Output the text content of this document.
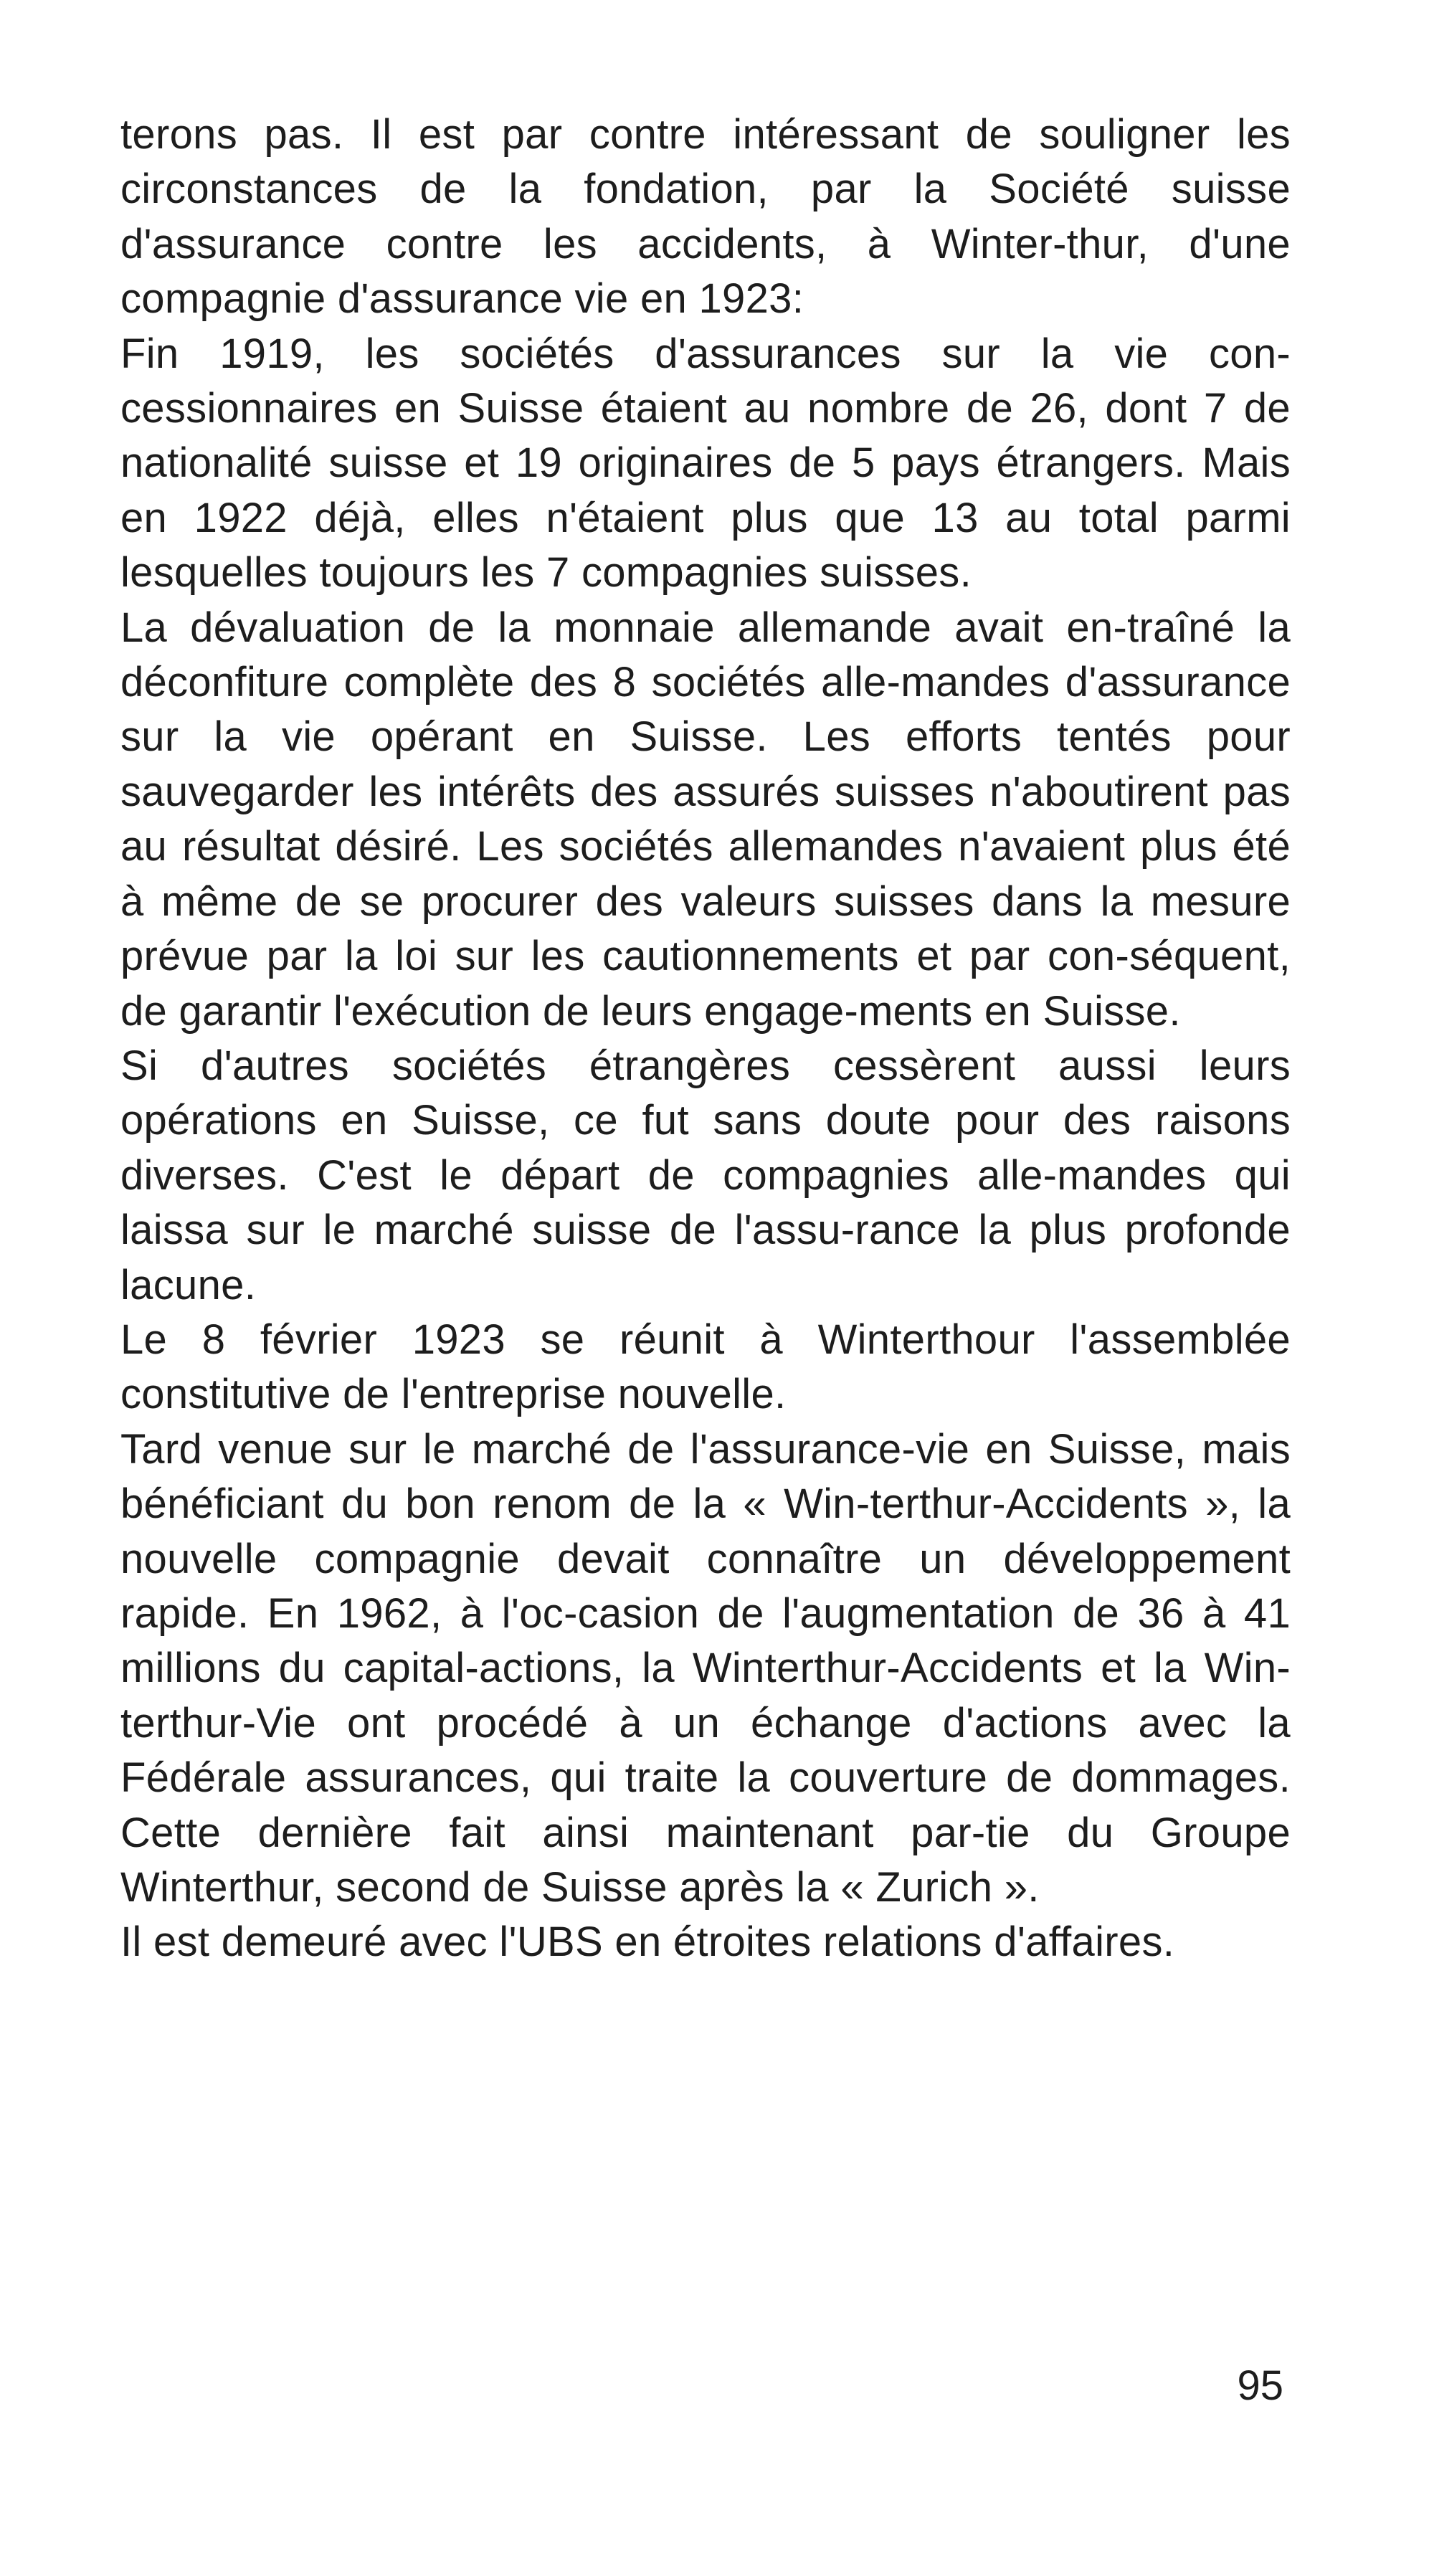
terons pas. Il est par contre intéressant de souligner les circonstances de la fondation, par la Société suisse d'assurance contre les accidents, à Winter-thur, d'une compagnie d'assurance vie en 1923:

Fin 1919, les sociétés d'assurances sur la vie con-cessionnaires en Suisse étaient au nombre de 26, dont 7 de nationalité suisse et 19 originaires de 5 pays étrangers. Mais en 1922 déjà, elles n'étaient plus que 13 au total parmi lesquelles toujours les 7 compagnies suisses.

La dévaluation de la monnaie allemande avait en-traîné la déconfiture complète des 8 sociétés alle-mandes d'assurance sur la vie opérant en Suisse. Les efforts tentés pour sauvegarder les intérêts des assurés suisses n'aboutirent pas au résultat désiré. Les sociétés allemandes n'avaient plus été à même de se procurer des valeurs suisses dans la mesure prévue par la loi sur les cautionnements et par con-séquent, de garantir l'exécution de leurs engage-ments en Suisse.

Si d'autres sociétés étrangères cessèrent aussi leurs opérations en Suisse, ce fut sans doute pour des raisons diverses. C'est le départ de compagnies alle-mandes qui laissa sur le marché suisse de l'assu-rance la plus profonde lacune.

Le 8 février 1923 se réunit à Winterthour l'assemblée constitutive de l'entreprise nouvelle.

Tard venue sur le marché de l'assurance-vie en Suisse, mais bénéficiant du bon renom de la « Win-terthur-Accidents », la nouvelle compagnie devait connaître un développement rapide. En 1962, à l'oc-casion de l'augmentation de 36 à 41 millions du capital-actions, la Winterthur-Accidents et la Win-terthur-Vie ont procédé à un échange d'actions avec la Fédérale assurances, qui traite la couverture de dommages. Cette dernière fait ainsi maintenant par-tie du Groupe Winterthur, second de Suisse après la « Zurich ».

Il est demeuré avec l'UBS en étroites relations d'affaires.

95
